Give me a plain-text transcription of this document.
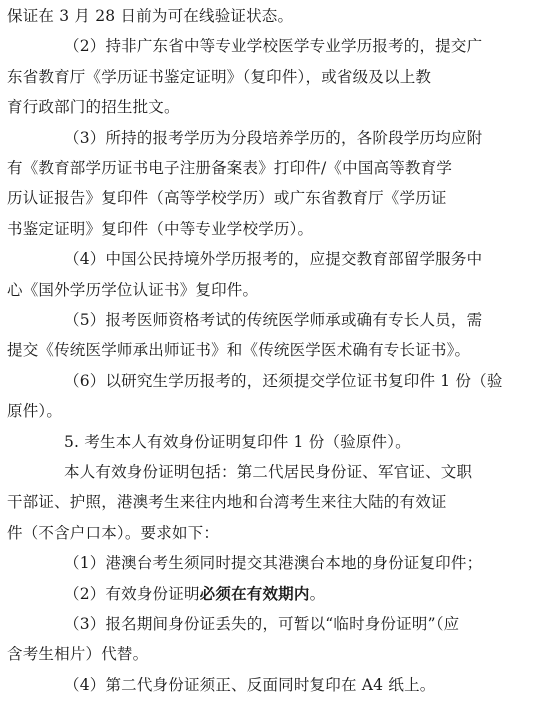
保证在 3 月 28 日前为可在线验证状态。
（2）持非广东省中等专业学校医学专业学历报考的，提交广
东省教育厅《学历证书鉴定证明》（复印件），或省级及以上教
育行政部门的招生批文。
（3）所持的报考学历为分段培养学历的，各阶段学历均应附
有《教育部学历证书电子注册备案表》打印件/《中国高等教育学
历认证报告》复印件（高等学校学历）或广东省教育厅《学历证
书鉴定证明》复印件（中等专业学校学历）。
（4）中国公民持境外学历报考的，应提交教育部留学服务中
心《国外学历学位认证书》复印件。
（5）报考医师资格考试的传统医学师承或确有专长人员，需
提交《传统医学师承出师证书》和《传统医学医术确有专长证书》。
（6）以研究生学历报考的，还须提交学位证书复印件 1 份（验
原件）。
5. 考生本人有效身份证明复印件 1 份（验原件）。
本人有效身份证明包括：第二代居民身份证、军官证、文职
干部证、护照，港澳考生来往内地和台湾考生来往大陆的有效证
件（不含户口本）。要求如下：
（1）港澳台考生须同时提交其港澳台本地的身份证复印件；
（2）有效身份证明必须在有效期内。
（3）报名期间身份证丢失的，可暂以“临时身份证明”（应
含考生相片）代替。
（4）第二代身份证须正、反面同时复印在 A4 纸上。
